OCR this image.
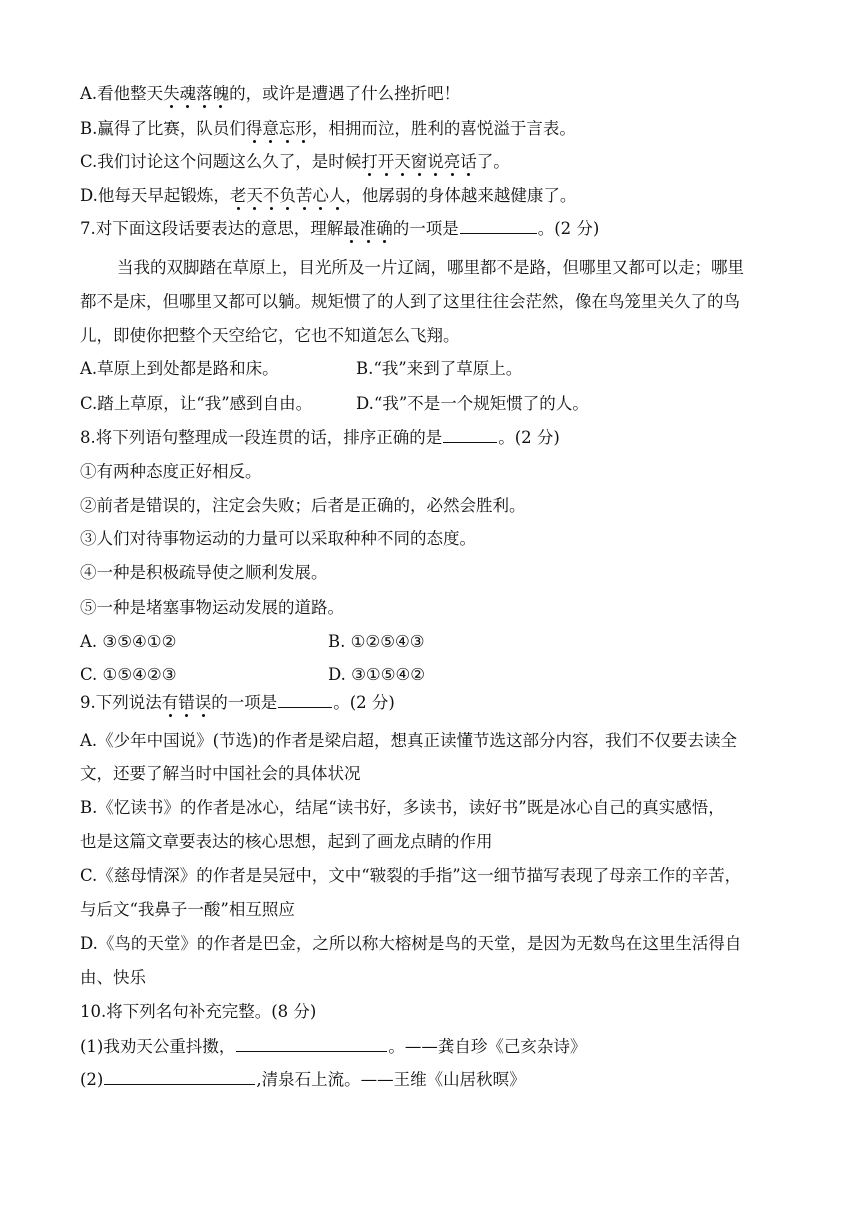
A.看他整天失魂落魄的，或许是遭遇了什么挫折吧！
B.赢得了比赛，队员们得意忘形，相拥而泣，胜利的喜悦溢于言表。
C.我们讨论这个问题这么久了，是时候打开天窗说亮话了。
D.他每天早起锻炼，老天不负苦心人，他孱弱的身体越来越健康了。
7.对下面这段话要表达的意思，理解最准确的一项是	。(2 分)
当我的双脚踏在草原上，目光所及一片辽阔，哪里都不是路，但哪里又都可以走；哪里
都不是床，但哪里又都可以躺。规矩惯了的人到了这里往往会茫然，像在鸟笼里关久了的鸟
儿，即使你把整个天空给它，它也不知道怎么飞翔。
A.草原上到处都是路和床。	B.“我”来到了草原上。
C.踏上草原，让“我”感到自由。	D.“我”不是一个规矩惯了的人。
8.将下列语句整理成一段连贯的话，排序正确的是	。(2 分)
①有两种态度正好相反。
②前者是错误的，注定会失败；后者是正确的，必然会胜利。
③人们对待事物运动的力量可以采取种种不同的态度。
④一种是积极疏导使之顺利发展。
⑤一种是堵塞事物运动发展的道路。
A. ③⑤④①②	B. ①②⑤④③
C. ①⑤④②③	D. ③①⑤④②
9.下列说法有错误的一项是	。(2 分)
A.《少年中国说》(节选)的作者是梁启超，想真正读懂节选这部分内容，我们不仅要去读全
文，还要了解当时中国社会的具体状况
B.《忆读书》的作者是冰心，结尾“读书好，多读书，读好书”既是冰心自己的真实感悟，
也是这篇文章要表达的核心思想，起到了画龙点睛的作用
C.《慈母情深》的作者是吴冠中，文中“皲裂的手指”这一细节描写表现了母亲工作的辛苦，
与后文“我鼻子一酸”相互照应
D.《鸟的天堂》的作者是巴金，之所以称大榕树是鸟的天堂，是因为无数鸟在这里生活得自
由、快乐
10.将下列名句补充完整。(8 分)
(1)我劝天公重抖擞，	。——龚自珍《己亥杂诗》
(2)	,清泉石上流。——王维《山居秋暝》
